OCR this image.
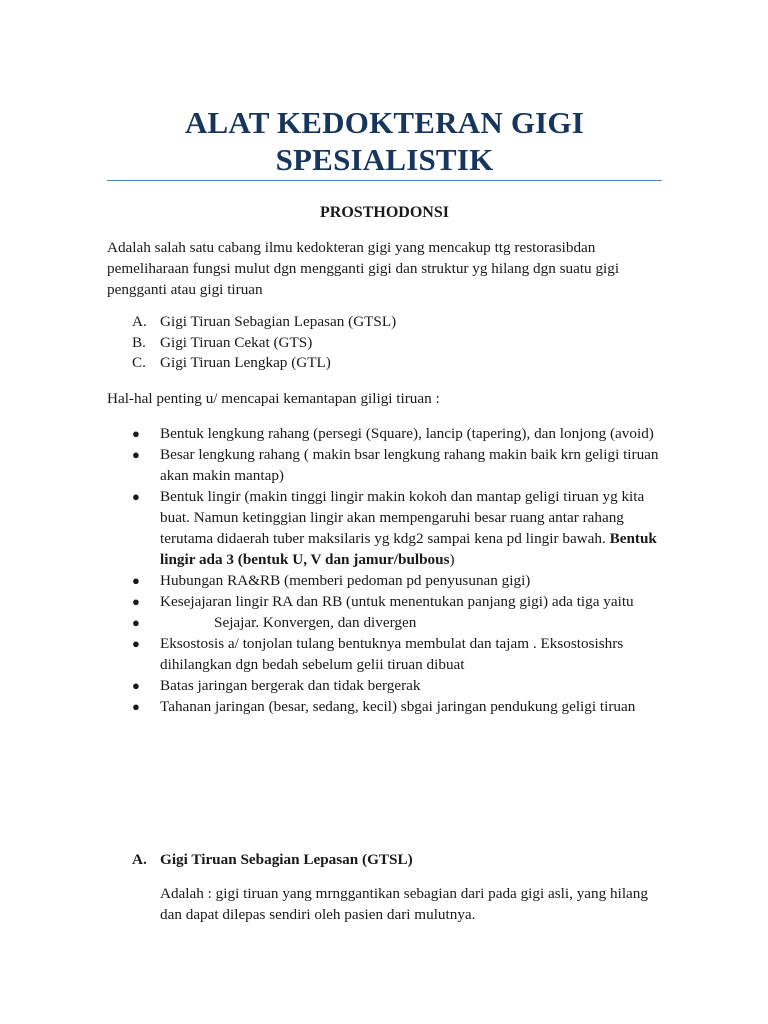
ALAT KEDOKTERAN GIGI
SPESIALISTIK
PROSTHODONSI

Adalah salah satu cabang ilmu kedokteran gigi yang mencakup ttg restorasibdan pemeliharaan fungsi mulut dgn mengganti gigi dan struktur yg hilang dgn suatu gigi pengganti atau gigi tiruan

A. Gigi Tiruan Sebagian Lepasan (GTSL)
B. Gigi Tiruan Cekat (GTS)
C. Gigi Tiruan Lengkap (GTL)

Hal-hal penting u/ mencapai kemantapan giligi tiruan :

● Bentuk lengkung rahang (persegi (Square), lancip (tapering), dan lonjong (avoid)
● Besar lengkung rahang ( makin bsar lengkung rahang makin baik krn geligi tiruan akan makin mantap)
● Bentuk lingir (makin tinggi lingir makin kokoh dan mantap geligi tiruan yg kita buat. Namun ketinggian lingir akan mempengaruhi besar ruang antar rahang terutama didaerah tuber maksilaris yg kdg2 sampai kena pd lingir bawah. Bentuk lingir ada 3 (bentuk U, V dan jamur/bulbous)
● Hubungan RA&RB (memberi pedoman pd penyusunan gigi)
● Kesejajaran lingir RA dan RB (untuk menentukan panjang gigi) ada tiga yaitu
●	Sejajar. Konvergen, dan divergen
● Eksostosis a/ tonjolan tulang bentuknya membulat dan tajam . Eksostosishrs dihilangkan dgn bedah sebelum gelii tiruan dibuat
● Batas jaringan bergerak dan tidak bergerak
● Tahanan jaringan (besar, sedang, kecil) sbgai jaringan pendukung geligi tiruan
A. Gigi Tiruan Sebagian Lepasan (GTSL)

Adalah : gigi tiruan yang mrnggantikan sebagian dari pada gigi asli, yang hilang dan dapat dilepas sendiri oleh pasien dari mulutnya.
